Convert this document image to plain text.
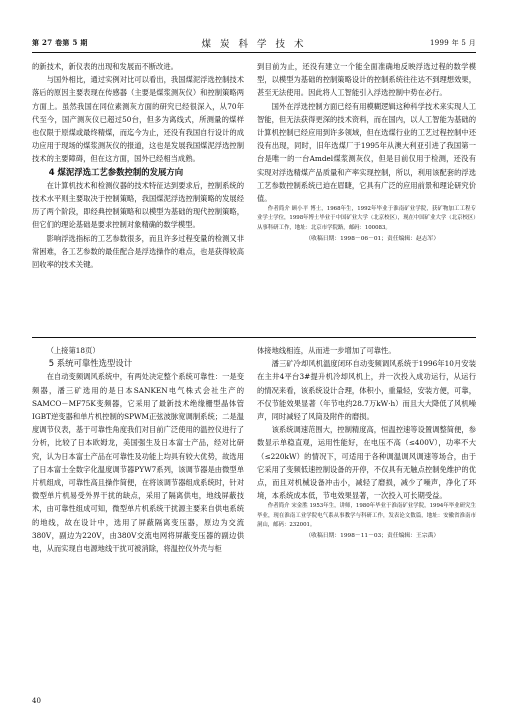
第 27 卷第 5 期	煤 炭 科 学 技 术	1999 年 5 月

的新技术，新仪表的出现和发展而不断改进。

与国外相比，通过实例对比可以看出，我国煤泥浮选控制技术落后的原因主要表现在传感器（主要是煤浆测灰仪）和控制策略两方面上。虽然我国在同位素测灰方面的研究已经很深入，从70年代至今，国产测灰仪已超过50台，但多为离线式，所测量的煤样也仅限于原煤或最终精煤，而迄今为止，还没有我国自行设计的成功应用于现场的煤浆测灰仪的报道，这也是发展我国煤泥浮选控制技术的主要障碍，但在这方面，国外已经相当成熟。

4 煤泥浮选工艺参数控制的发展方向

在计算机技术和检测仪器的技术特征达到要求后，控制系统的技术水平则主要取决于控制策略，我国煤泥浮选控制策略的发展经历了两个阶段，即经典控制策略和以模型为基础的现代控制策略，但它们的理论基础是要求控制对象精确的数学模型。

影响浮选指标的工艺参数很多，而且许多过程变量的检测又非常困难，各工艺参数的最佳配合是浮选操作的难点，也是获得较高回收率的技术关键。

到目前为止，还没有建立一个能全面准确地反映浮选过程的数学模型，以模型为基础的控制策略设计的控制系统往往达不到理想效果，甚至无法使用。因此将人工智能引入浮选控制中势在必行。

国外在浮选控制方面已经有用模糊逻辑这种科学技术来实现人工智能，但无法获得更深的技术资料，而在国内，以人工智能为基础的计算机控制已经应用到许多领域，但在选煤行业的工艺过程控制中还没有出现，同时，旧年选煤厂于1995年从澳大利亚引进了我国第一台是唯一的一台Amdel煤浆测灰仪，但是目前仅用于检测，还没有实现对浮选精煤产品质量和产率实现控制，所以，利用该配套的浮选工艺参数控制系统已迫在眉睫，它具有广泛的应用前景和理论研究价值。

作者简介 顾小平 博士，1968年生，1992年毕业于淮南矿业学院，获矿物加工工程专业学士学位，1998年博士毕业于中国矿业大学（北京校区），现在中国矿业大学（北京校区）从事科研工作，地址：北京市学院路，邮码：100083。

（收稿日期：1998－06－01；责任编辑：赵志军）

（上接第18页）

5 系统可靠性选型设计

在自动变频调风系统中，有两处决定整个系统可靠性：一是变频器，潘三矿选用的是日本SANKEN电气株式会社生产的SAMCO－MF75K变频器，它采用了最新技术绝缘栅型晶体管IGBT逆变器和单片机控制的SPWM正弦波脉宽调制系统；二是温度调节仪表，基于可靠性角度我们对目前广泛使用的温控仪进行了分析，比较了日本欧姆龙，美国强生及日本富士产品，经对比研究，认为日本富士产品在可靠性及功能上均具有较大优势，故选用了日本富士全数字化温度调节器PYW7系列，该调节器是由微型单片机组成，可靠性高且操作简便，在将该调节器组成系统时，针对微型单片机易受外界干扰的缺点，采用了隔离供电，地线屏蔽技术，由可靠性组成可知，微型单片机系统干扰源主要来自供电系统的地线，故在设计中，选用了屏蔽隔离变压器，原边为交流380V，副边为220V，由380V交流电网将屏蔽变压器的副边供电，从而实现自电源地线干扰可被消除，将温控仪外壳与柜

体接地线相连，从而进一步增加了可靠性。

潘三矿冷却风机温度闭环自动变频调风系统于1996年10月安装在主井4平台3#提升机冷却风机上，并一次投入成功运行，从运行的情况来看，该系统设计合理，体积小，重量轻，安装方便，可靠，不仅节能效果显著（年节电约28.7万kW·h）而且大大降低了风机噪声，同时减轻了风筒及附件的磨损。

该系统调速范围大，控制精度高，恒温控速等设置调整简便，参数显示单稳直观，运用性能好，在电压不高（≤400V），功率不大（≤220kW）的情况下，可适用于各种调温调风调速等场合，由于它采用了变频低速控制设备的开停，不仅具有无触点控制免维护的优点，而且对机械设备冲击小，减轻了磨损，减少了噪声，净化了环境，本系统成本低，节电效果显著，一次投入可长期受益。

作者简介 宋金胜 1953年生，讲师，1980年毕业于淮南矿业学院，1994年毕业研究生毕业，现在淮南工业学院电气系从事教学与科研工作，发表论文数篇，地址：安徽省淮南市洞山，邮码：232001。

（收稿日期：1998－11－03；责任编辑：王宗禹）

40
